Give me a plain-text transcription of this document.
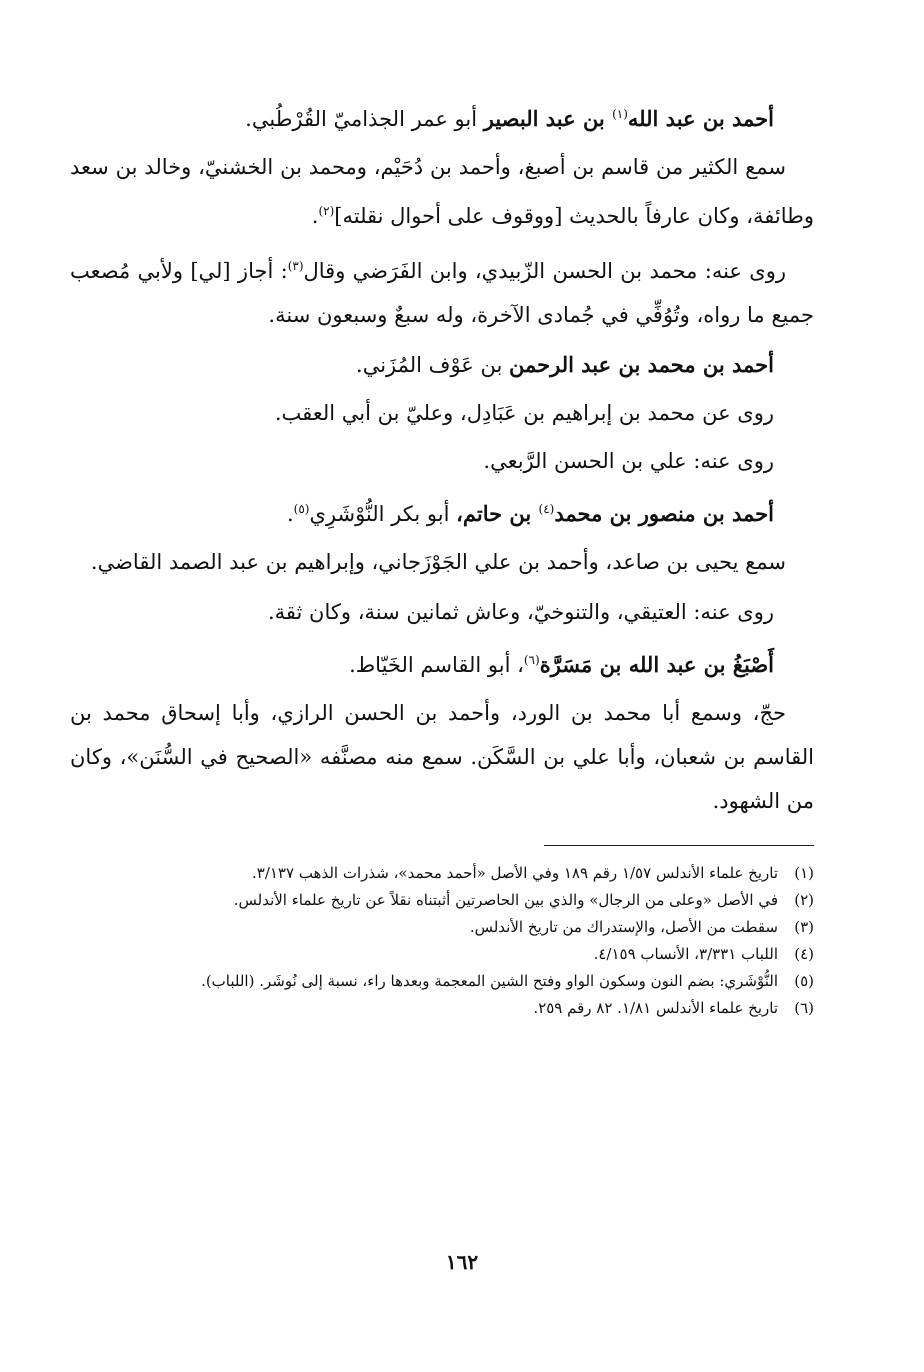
أحمد بن عبد الله$^{(١)}$ بن عبد البصير أبو عمر الجذاميّ القُرْطُبي.

سمع الكثير من قاسم بن أصبغ، وأحمد بن دُحَيْم، ومحمد بن الخشنيّ، وخالد بن سعد وطائفة، وكان عارفاً بالحديث [ووقوف على أحوال نقلته]$^{(٢)}$.

روى عنه: محمد بن الحسن الزّبيدي، وابن الفَرَضي وقال$^{(٣)}$: أجاز [لي] ولأبي مُصعب جميع ما رواه، وتُوُفِّي في جُمادى الآخرة، وله سبعٌ وسبعون سنة.

أحمد بن محمد بن عبد الرحمن بن عَوْف المُزَني.
روى عن محمد بن إبراهيم بن عَبَادِل، وعليّ بن أبي العقب.
روى عنه: علي بن الحسن الرَّبعي.
أحمد بن منصور بن محمد$^{(٤)}$ بن حاتم، أبو بكر النُّوْشَرِي$^{(٥)}$.

سمع يحيى بن صاعد، وأحمد بن علي الجَوْزَجاني، وإبراهيم بن عبد الصمد القاضي.

روى عنه: العتيقي، والتنوخيّ، وعاش ثمانين سنة، وكان ثقة.
أَصْبَغُ بن عبد الله بن مَسَرَّة$^{(٦)}$، أبو القاسم الخَيّاط.

حجّ، وسمع أبا محمد بن الورد، وأحمد بن الحسن الرازي، وأبا إسحاق محمد بن القاسم بن شعبان، وأبا علي بن السَّكَن. سمع منه مصنَّفه «الصحيح في السُّنَن»، وكان من الشهود.

(١)
تاريخ علماء الأندلس ١/٥٧ رقم ١٨٩ وفي الأصل «أحمد محمد»، شذرات الذهب ٣/١٣٧.
(٢)
في الأصل «وعلى من الرجال» والذي بين الحاصرتين أثبتناه نقلاً عن تاريخ علماء الأندلس.
(٣)
سقطت من الأصل، والإستدراك من تاريخ الأندلس.
(٤)
اللباب ٣/٣٣١، الأنساب ٤/١٥٩.
(٥)
النُّوْشَري: بضم النون وسكون الواو وفتح الشين المعجمة وبعدها راء، نسبة إلى نُوشَر. (اللباب).
(٦)
تاريخ علماء الأندلس ١/٨١. ٨٢ رقم ٢٥٩.
١٦٢
